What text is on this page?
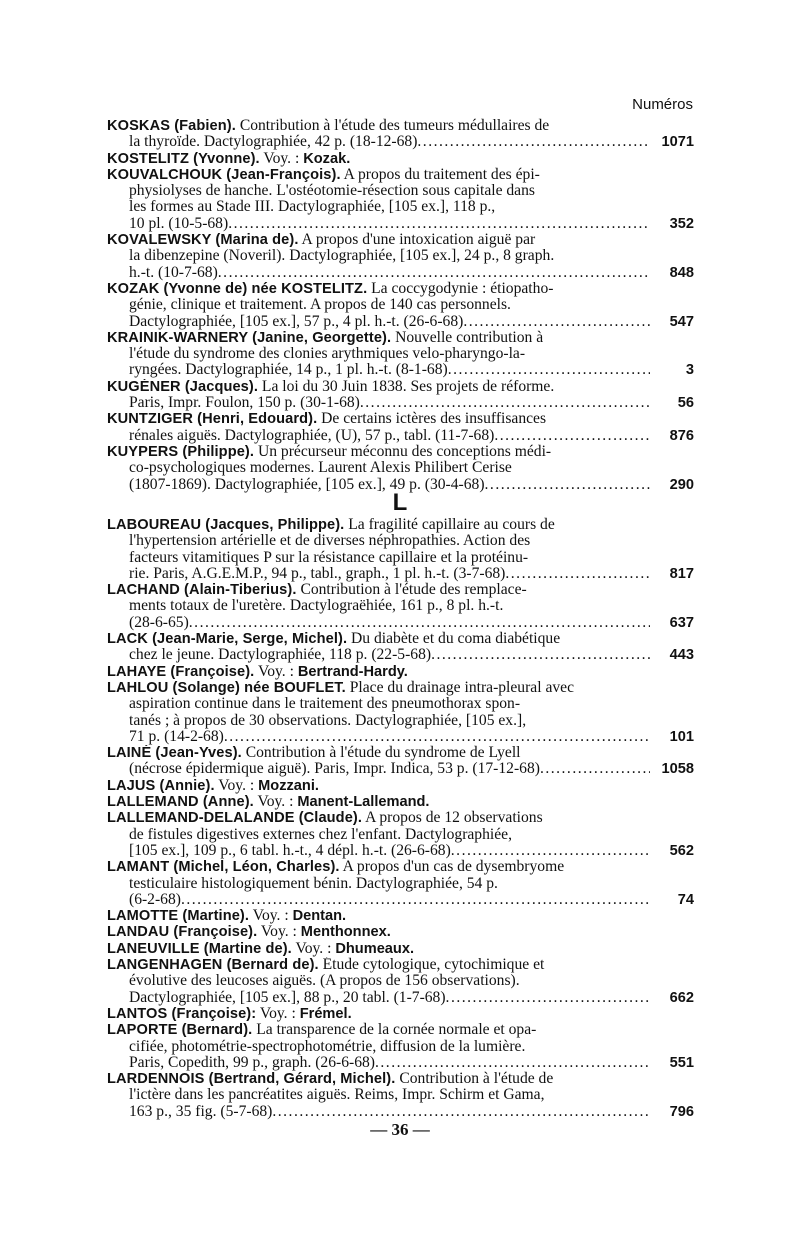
Numéros
KOSKAS (Fabien). Contribution à l'étude des tumeurs médullaires de
la thyroïde. Dactylographiée, 42 p. (18-12-68) .....	1071
KOSTELITZ (Yvonne). Voy. : Kozak.
KOUVALCHOUK (Jean-François). A propos du traitement des épi-
physiolyses de hanche. L'ostéotomie-résection sous capitale dans
les formes au Stade III. Dactylographiée, [105 ex.], 118 p.,
10 pl. (10-5-68) .....	352
KOVALEWSKY (Marina de). A propos d'une intoxication aiguë par
la dibenzepine (Noveril). Dactylographiée, [105 ex.], 24 p., 8 graph.
h.-t. (10-7-68) .....	848
KOZAK (Yvonne de) née KOSTELITZ. La coccygodynie : étiopatho-
génie, clinique et traitement. A propos de 140 cas personnels.
Dactylographiée, [105 ex.], 57 p., 4 pl. h.-t. (26-6-68) .....	547
KRAINIK-WARNERY (Janine, Georgette). Nouvelle contribution à
l'étude du syndrome des clonies arythmiques velo-pharyngo-la-
ryngées. Dactylographiée, 14 p., 1 pl. h.-t. (8-1-68) .....	3
KUGÉNER (Jacques). La loi du 30 Juin 1838. Ses projets de réforme.
Paris, Impr. Foulon, 150 p. (30-1-68) .....	56
KUNTZIGER (Henri, Edouard). De certains ictères des insuffisances
rénales aiguës. Dactylographiée, (U), 57 p., tabl. (11-7-68) .....	876
KUYPERS (Philippe). Un précurseur méconnu des conceptions médi-
co-psychologiques modernes. Laurent Alexis Philibert Cerise
(1807-1869). Dactylographiée, [105 ex.], 49 p. (30-4-68) .....	290
L
LABOUREAU (Jacques, Philippe). La fragilité capillaire au cours de
l'hypertension artérielle et de diverses néphropathies. Action des
facteurs vitamitiques P sur la résistance capillaire et la protéinu-
rie. Paris, A.G.E.M.P., 94 p., tabl., graph., 1 pl. h.-t. (3-7-68) .....	817
LACHAND (Alain-Tiberius). Contribution à l'étude des remplace-
ments totaux de l'uretère. Dactylograëhiée, 161 p., 8 pl. h.-t.
(28-6-65) .....	637
LACK (Jean-Marie, Serge, Michel). Du diabète et du coma diabétique
chez le jeune. Dactylographiée, 118 p. (22-5-68) .....	443
LAHAYE (Françoise). Voy. : Bertrand-Hardy.
LAHLOU (Solange) née BOUFLET. Place du drainage intra-pleural avec
aspiration continue dans le traitement des pneumothorax spon-
tanés ; à propos de 30 observations. Dactylographiée, [105 ex.],
71 p. (14-2-68) .....	101
LAINÉ (Jean-Yves). Contribution à l'étude du syndrome de Lyell
(nécrose épidermique aiguë). Paris, Impr. Indica, 53 p. (17-12-68) .....	1058
LAJUS (Annie). Voy. : Mozzani.
LALLEMAND (Anne). Voy. : Manent-Lallemand.
LALLEMAND-DELALANDE (Claude). A propos de 12 observations
de fistules digestives externes chez l'enfant. Dactylographiée,
[105 ex.], 109 p., 6 tabl. h.-t., 4 dépl. h.-t. (26-6-68) .....	562
LAMANT (Michel, Léon, Charles). A propos d'un cas de dysembryome
testiculaire histologiquement bénin. Dactylographiée, 54 p.
(6-2-68) .....	74
LAMOTTE (Martine). Voy. : Dentan.
LANDAU (Françoise). Voy. : Menthonnex.
LANEUVILLE (Martine de). Voy. : Dhumeaux.
LANGENHAGEN (Bernard de). Étude cytologique, cytochimique et
évolutive des leucoses aiguës. (A propos de 156 observations).
Dactylographiée, [105 ex.], 88 p., 20 tabl. (1-7-68) .....	662
LANTOS (Françoise): Voy. : Frémel.
LAPORTE (Bernard). La transparence de la cornée normale et opa-
cifiée, photométrie-spectrophotométrie, diffusion de la lumière.
Paris, Copedith, 99 p., graph. (26-6-68) .....	551
LARDENNOIS (Bertrand, Gérard, Michel). Contribution à l'étude de
l'ictère dans les pancréatites aiguës. Reims, Impr. Schirm et Gama,
163 p., 35 fig. (5-7-68) .....	796
— 36 —
